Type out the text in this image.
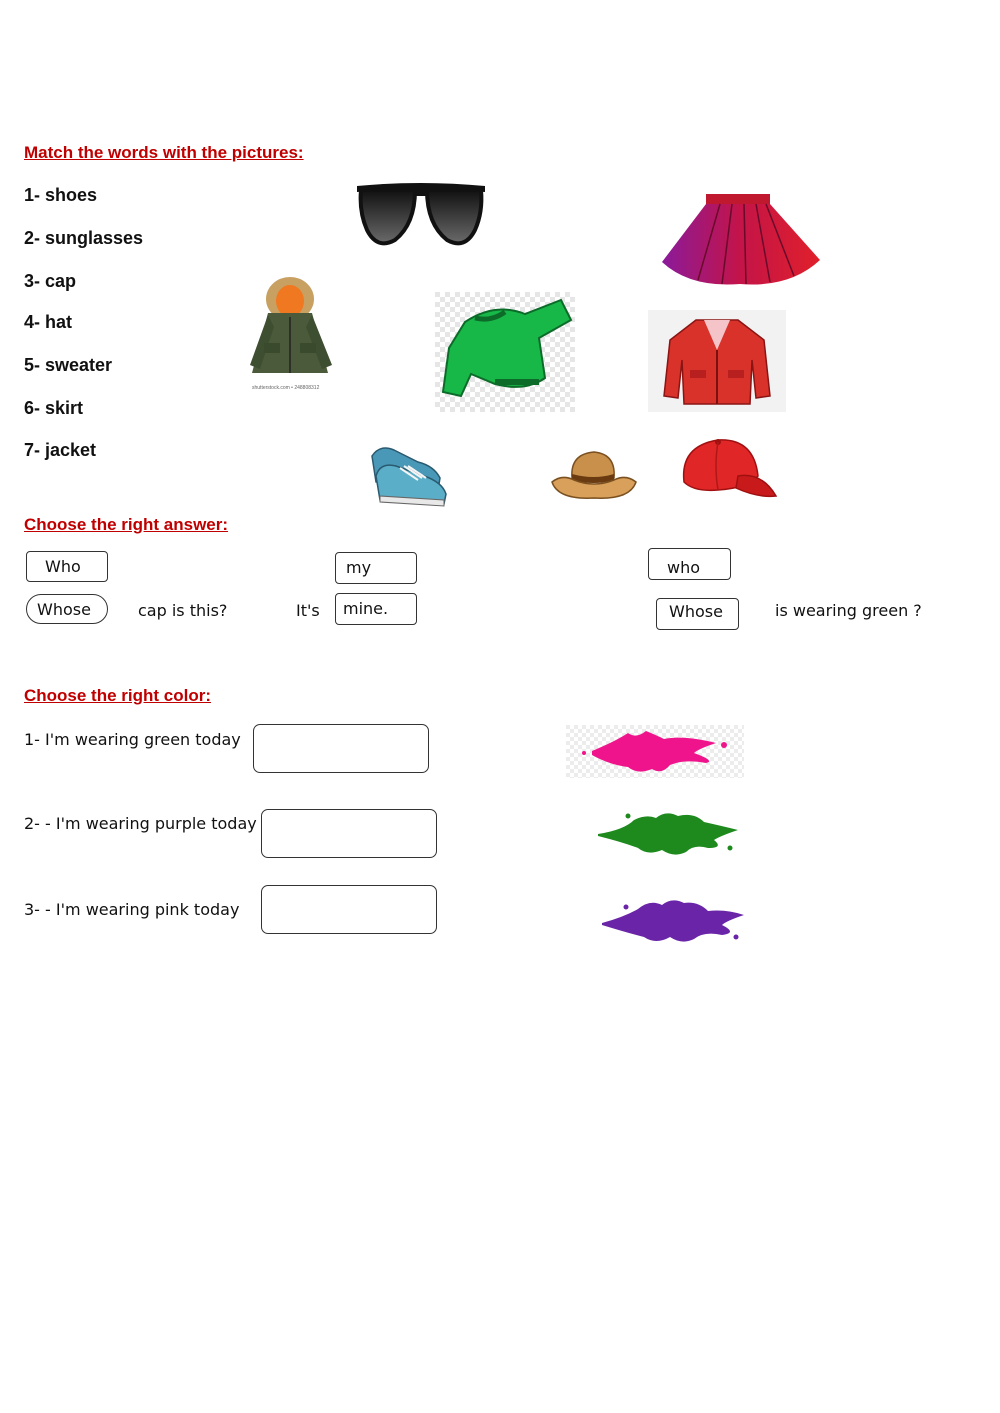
Match the words with the pictures:
1- shoes
2- sunglasses
3- cap
4- hat
5- sweater
6- skirt
7- jacket
shutterstock.com • 248808312
Choose the right answer:
Who
Whose	cap is this?	It's
my
mine.
who
Whose	is wearing green ?
Choose the right color:
1- I'm wearing green today
2- - I'm wearing purple today
3- - I'm wearing pink today
